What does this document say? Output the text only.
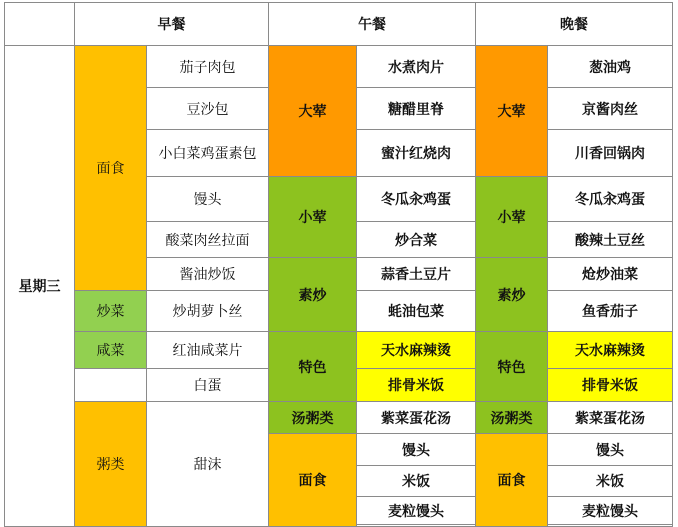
	早餐		午餐		晚餐	
星期三	面食	茄子肉包	大荤	水煮肉片	大荤	葱油鸡
		豆沙包		糖醋里脊		京酱肉丝
		小白菜鸡蛋素包		蜜汁红烧肉		川香回锅肉
		馒头	小荤	冬瓜汆鸡蛋	小荤	冬瓜汆鸡蛋
		酸菜肉丝拉面		炒合菜		酸辣土豆丝
		酱油炒饭	素炒	蒜香土豆片	素炒	炝炒油菜
	炒菜	炒胡萝卜丝		蚝油包菜		鱼香茄子
	咸菜	红油咸菜片	特色	天水麻辣烫	特色	天水麻辣烫
		白蛋		排骨米饭		排骨米饭
	粥类	甜沫	汤粥类	紫菜蛋花汤	汤粥类	紫菜蛋花汤
			面食	馒头	面食	馒头
				米饭		米饭
				麦粒馒头		麦粒馒头
